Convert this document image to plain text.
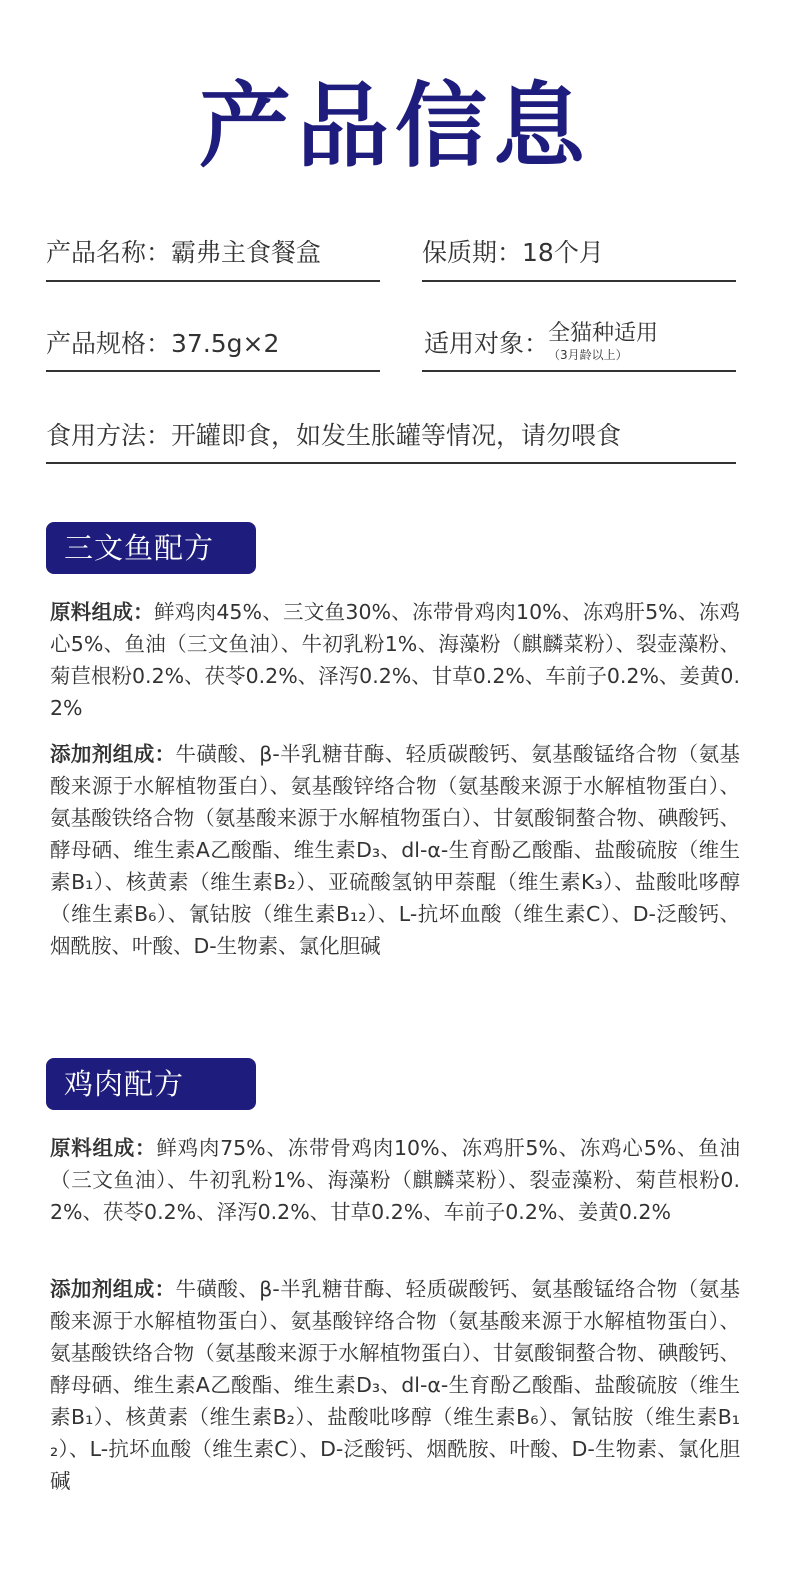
产品信息
产品名称：霸弗主食餐盒	保质期：18个月
产品规格：37.5g×2	适用对象：
全猫种适用
（3月龄以上）
食用方法：开罐即食，如发生胀罐等情况，请勿喂食
三文鱼配方
原料组成：鲜鸡肉45%、三文鱼30%、冻带骨鸡肉10%、冻鸡肝5%、冻鸡心5%、鱼油（三文鱼油）、牛初乳粉1%、海藻粉（麒麟菜粉）、裂壶藻粉、菊苣根粉0.2%、茯苓0.2%、泽泻0.2%、甘草0.2%、车前子0.2%、姜黄0.2%
添加剂组成：牛磺酸、β-半乳糖苷酶、轻质碳酸钙、氨基酸锰络合物（氨基酸来源于水解植物蛋白）、氨基酸锌络合物（氨基酸来源于水解植物蛋白）、氨基酸铁络合物（氨基酸来源于水解植物蛋白）、甘氨酸铜螯合物、碘酸钙、酵母硒、维生素A乙酸酯、维生素D₃、dl-α-生育酚乙酸酯、盐酸硫胺（维生素B₁）、核黄素（维生素B₂）、亚硫酸氢钠甲萘醌（维生素K₃）、盐酸吡哆醇（维生素B₆）、氰钴胺（维生素B₁₂）、L-抗坏血酸（维生素C）、D-泛酸钙、烟酰胺、叶酸、D-生物素、氯化胆碱
鸡肉配方
原料组成：鲜鸡肉75%、冻带骨鸡肉10%、冻鸡肝5%、冻鸡心5%、鱼油（三文鱼油）、牛初乳粉1%、海藻粉（麒麟菜粉）、裂壶藻粉、菊苣根粉0.2%、茯苓0.2%、泽泻0.2%、甘草0.2%、车前子0.2%、姜黄0.2%
添加剂组成：牛磺酸、β-半乳糖苷酶、轻质碳酸钙、氨基酸锰络合物（氨基酸来源于水解植物蛋白）、氨基酸锌络合物（氨基酸来源于水解植物蛋白）、氨基酸铁络合物（氨基酸来源于水解植物蛋白）、甘氨酸铜螯合物、碘酸钙、酵母硒、维生素A乙酸酯、维生素D₃、dl-α-生育酚乙酸酯、盐酸硫胺（维生素B₁）、核黄素（维生素B₂）、盐酸吡哆醇（维生素B₆）、氰钴胺（维生素B₁₂）、L-抗坏血酸（维生素C）、D-泛酸钙、烟酰胺、叶酸、D-生物素、氯化胆碱
